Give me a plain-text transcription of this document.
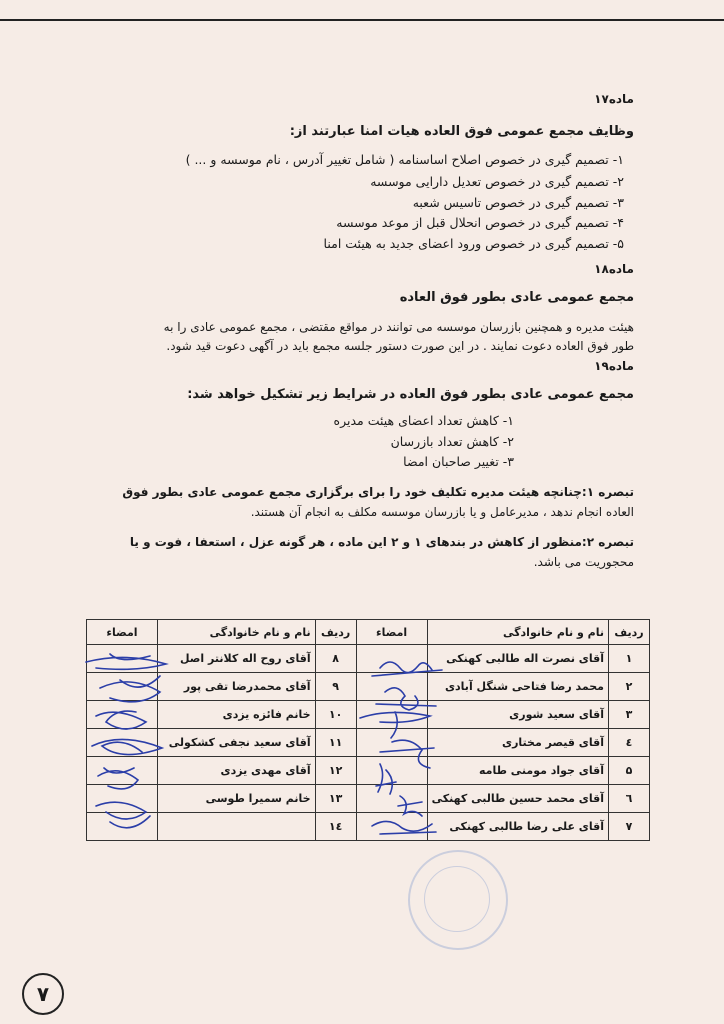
ماده۱۷
وظایف مجمع عمومی فوق العاده هیات امنا عبارتند از:
۱- تصمیم گیری در خصوص اصلاح اساسنامه ( شامل تغییر آدرس ، نام موسسه و ... )
۲- تصمیم گیری در خصوص تعدیل دارایی موسسه
۳- تصمیم گیری در خصوص تاسیس شعبه
۴- تصمیم گیری در خصوص انحلال قبل از موعد موسسه
۵- تصمیم گیری در خصوص ورود اعضای جدید به هیئت امنا
ماده۱۸
مجمع عمومی عادی بطور فوق العاده
هیئت مدیره و همچنین بازرسان موسسه می توانند در مواقع مقتضی ، مجمع عمومی عادی را به
طور فوق العاده دعوت نمایند . در این صورت دستور جلسه مجمع باید در آگهی دعوت قید شود.
ماده۱۹
مجمع عمومی عادی بطور فوق العاده در شرایط زیر تشکیل خواهد شد:
۱- کاهش تعداد اعضای هیئت مدیره
۲- کاهش تعداد بازرسان
۳- تغییر صاحبان امضا
تبصره ۱:چنانچه هیئت مدیره تکلیف خود را برای برگزاری مجمع عمومی عادی بطور فوق
العاده انجام ندهد ، مدیرعامل و یا بازرسان موسسه مکلف به انجام آن هستند.
تبصره ۲:منظور از کاهش در بندهای ۱ و ۲ این ماده ، هر گونه عزل ، استعفا ، فوت و یا
محجوریت می باشد.
ردیف	نام و نام خانوادگی	امضاء	ردیف	نام و نام خانوادگی	امضاء
۱	آقای نصرت اله طالبی کهنکی		۸	آقای روح اله کلانتر اصل	
۲	محمد رضا فتاحی شنگل آبادی		۹	آقای محمدرضا تقی پور	
۳	آقای سعید شوری		۱۰	خانم فائزه یزدی	
٤	آقای قیصر مختاری		۱۱	آقای سعید نجفی کشکولی	
۵	آقای جواد مومنی طامه		۱۲	آقای مهدی یزدی	
٦	آقای محمد حسین طالبی کهنکی		۱۳	خانم سمیرا طوسی	
۷	آقای علی رضا طالبی کهنکی		۱٤		
۷
